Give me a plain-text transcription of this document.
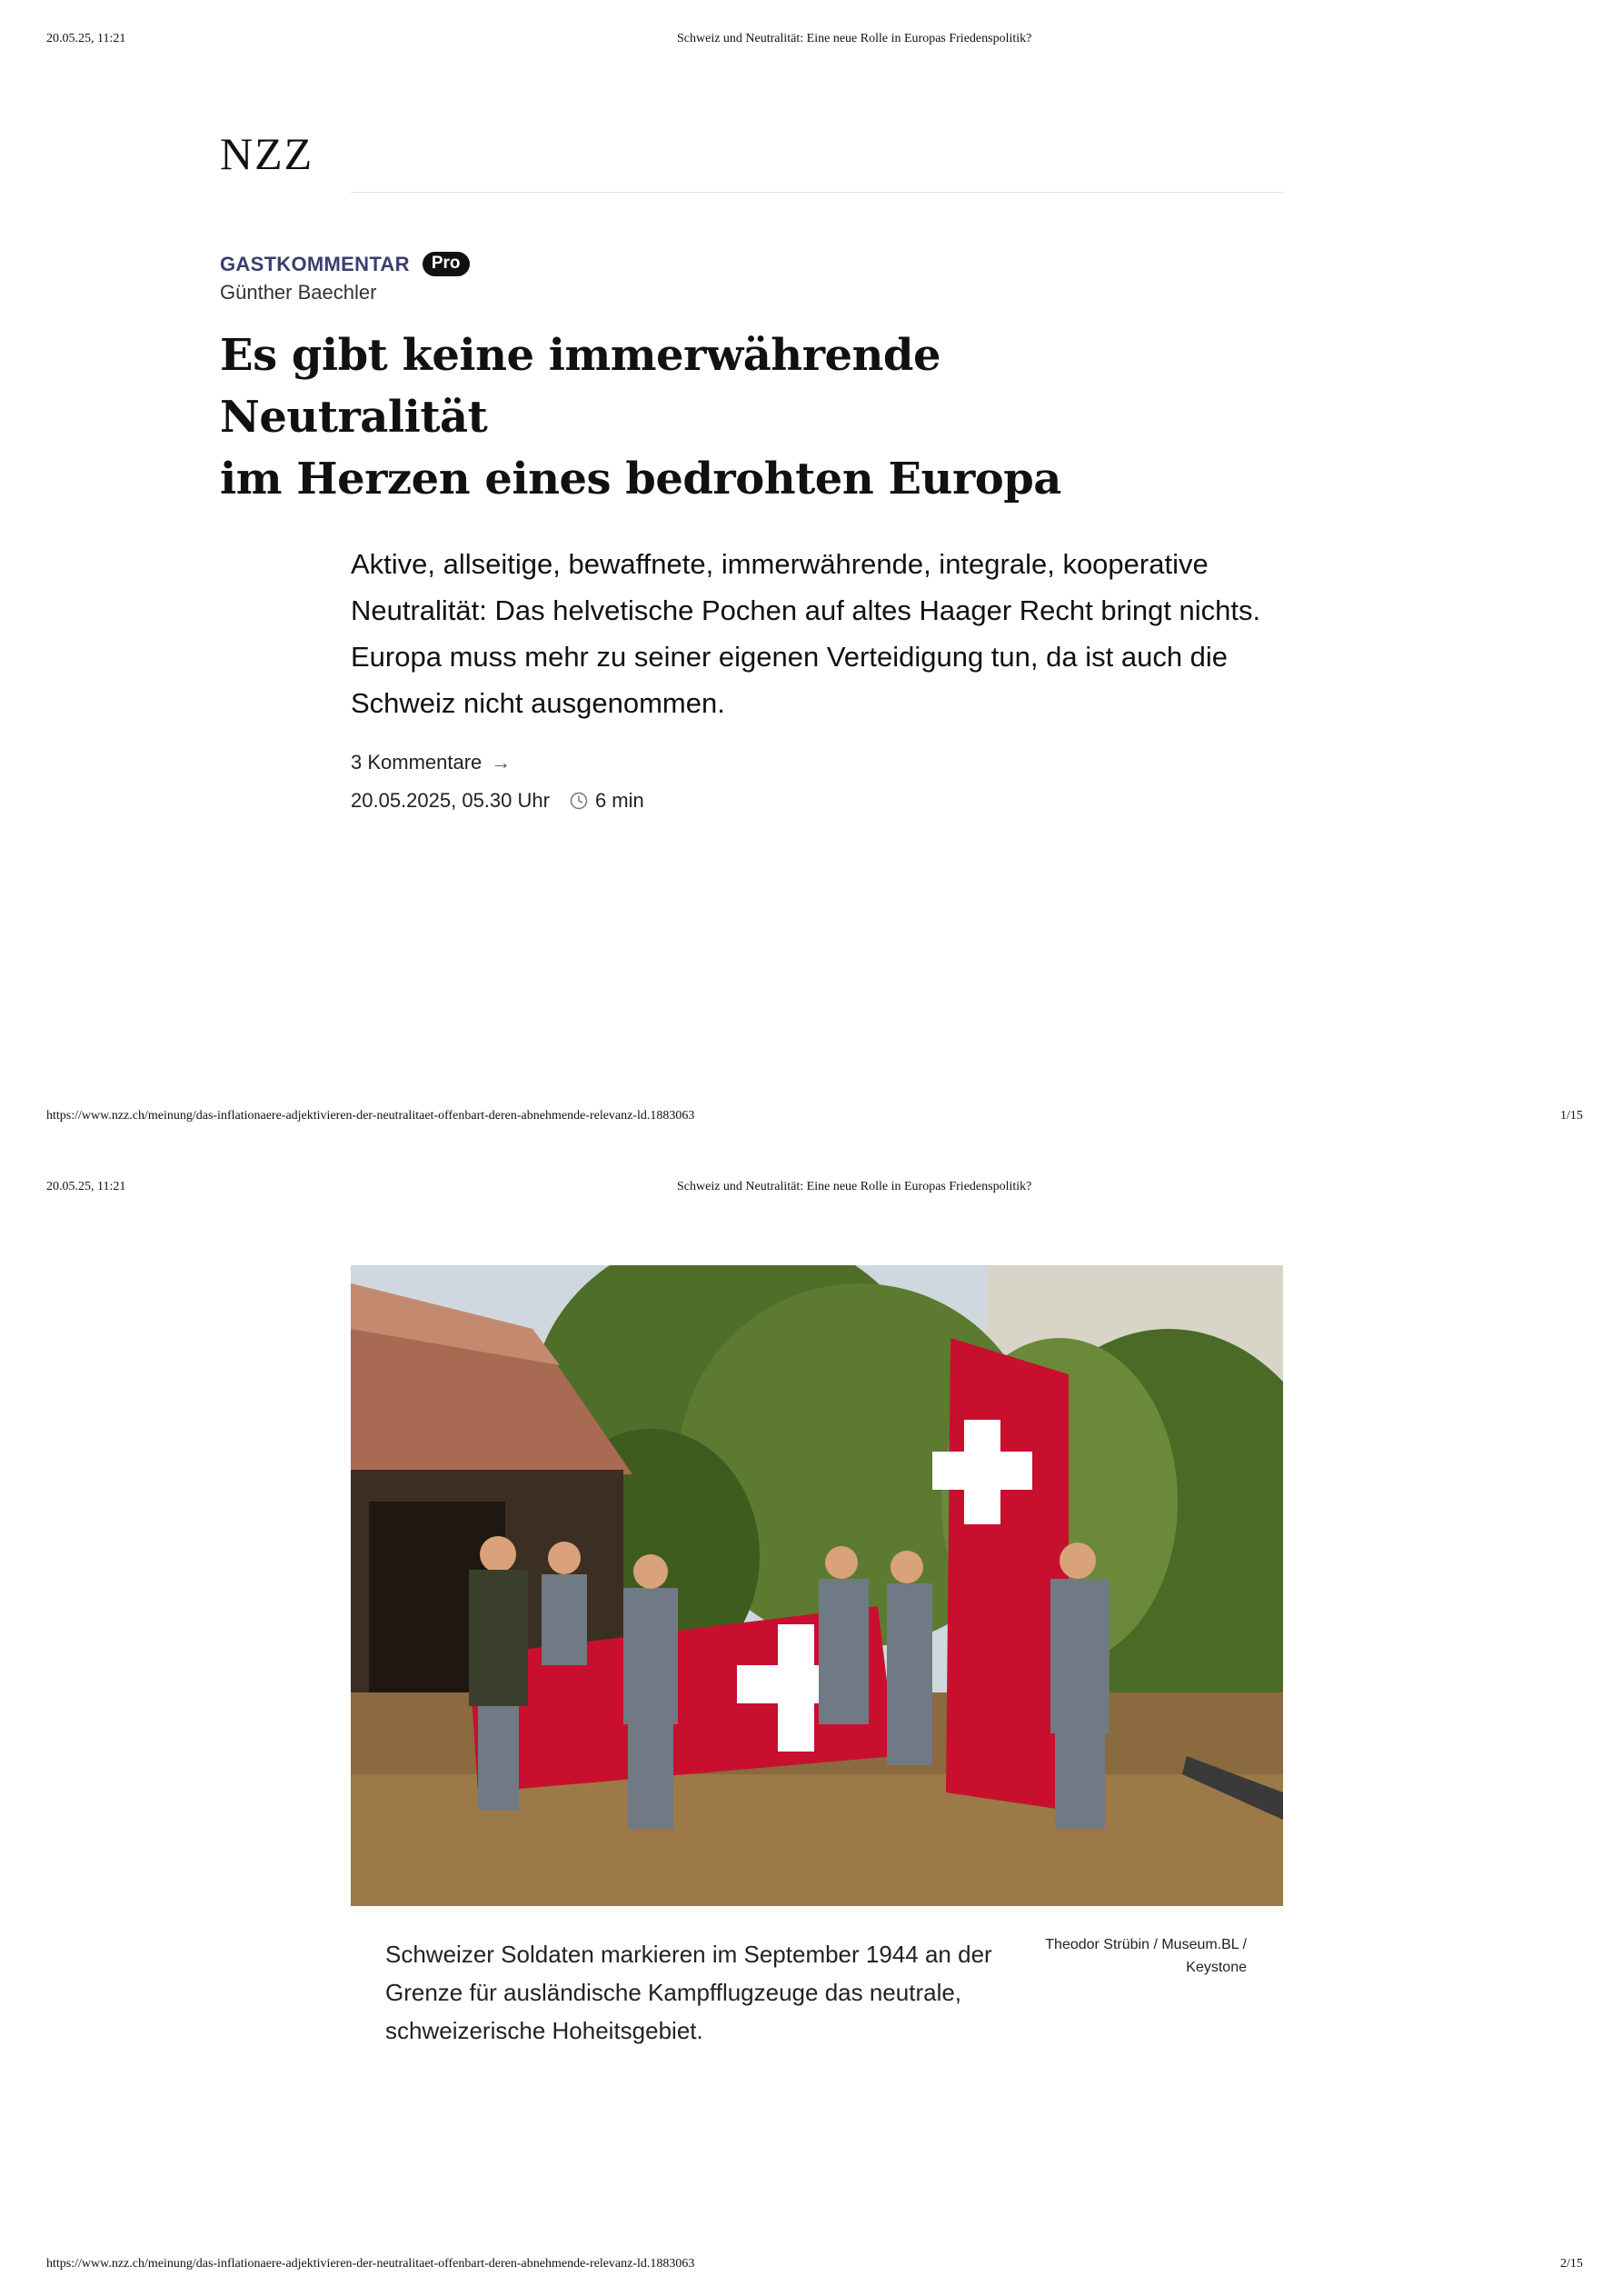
20.05.25, 11:21	Schweiz und Neutralität: Eine neue Rolle in Europas Friedenspolitik?
NZZ
GASTKOMMENTAR	Pro
Günther Baechler
Es gibt keine immerwährende Neutralität
im Herzen eines bedrohten Europa

Aktive, allseitige, bewaffnete, immerwährende, integrale, kooperative Neutralität: Das helvetische Pochen auf altes Haager Recht bringt nichts. Europa muss mehr zu seiner eigenen Verteidigung tun, da ist auch die Schweiz nicht ausgenommen.

3 Kommentare →
20.05.2025, 05.30 Uhr 6 min
https://www.nzz.ch/meinung/das-inflationaere-adjektivieren-der-neutralitaet-offenbart-deren-abnehmende-relevanz-ld.1883063	1/15
20.05.25, 11:21	Schweiz und Neutralität: Eine neue Rolle in Europas Friedenspolitik?

Schweizer Soldaten markieren im September 1944 an der Grenze für ausländische Kampfflugzeuge das neutrale, schweizerische Hoheitsgebiet.

Theodor Strübin / Museum.BL /
Keystone
https://www.nzz.ch/meinung/das-inflationaere-adjektivieren-der-neutralitaet-offenbart-deren-abnehmende-relevanz-ld.1883063	2/15
